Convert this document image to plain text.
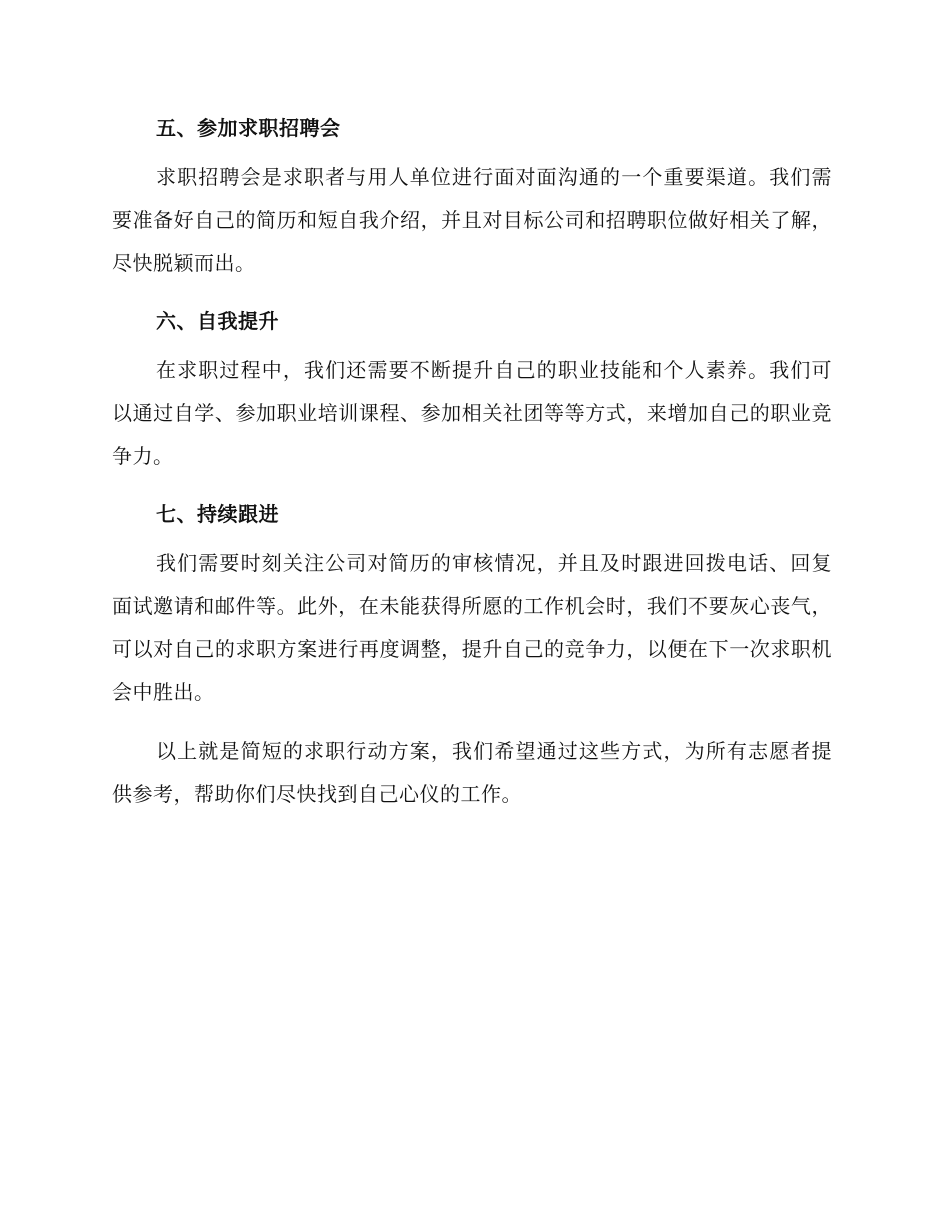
五、参加求职招聘会

求职招聘会是求职者与用人单位进行面对面沟通的一个重要渠道。我们需要准备好自己的简历和短自我介绍，并且对目标公司和招聘职位做好相关了解，尽快脱颖而出。

六、自我提升

在求职过程中，我们还需要不断提升自己的职业技能和个人素养。我们可以通过自学、参加职业培训课程、参加相关社团等等方式，来增加自己的职业竞争力。

七、持续跟进

我们需要时刻关注公司对简历的审核情况，并且及时跟进回拨电话、回复面试邀请和邮件等。此外，在未能获得所愿的工作机会时，我们不要灰心丧气，可以对自己的求职方案进行再度调整，提升自己的竞争力，以便在下一次求职机会中胜出。

以上就是简短的求职行动方案，我们希望通过这些方式，为所有志愿者提供参考，帮助你们尽快找到自己心仪的工作。
